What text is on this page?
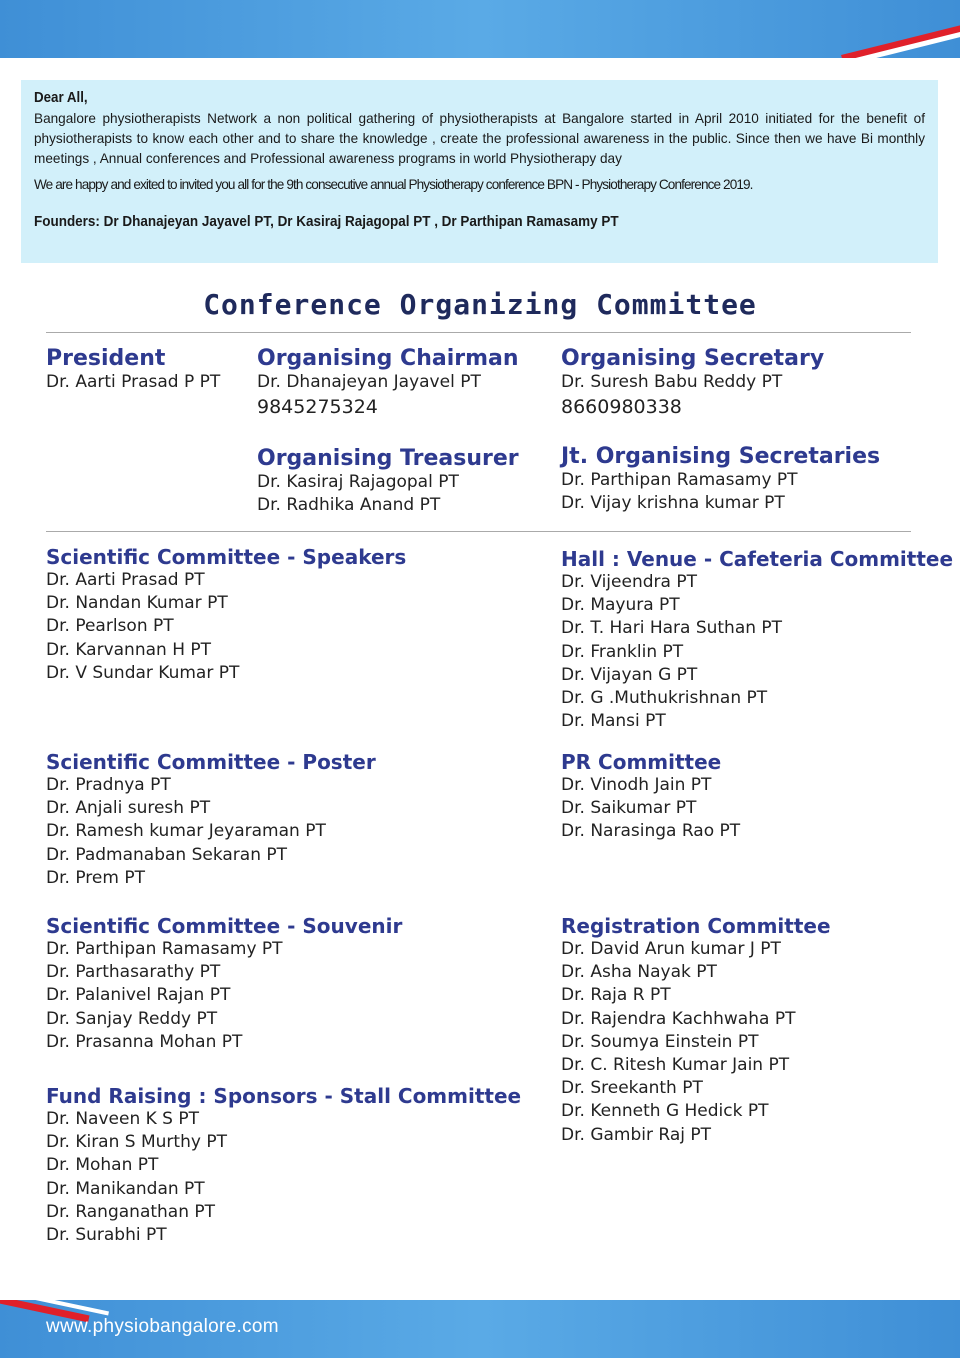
Dear All,

Bangalore physiotherapists Network a non political gathering of physiotherapists at Bangalore started in April 2010 initiated for the benefit of physiotherapists to know each other and to share the knowledge , create the professional awareness in the public. Since then we have Bi monthly meetings , Annual conferences and Professional awareness programs in world Physiotherapy day

We are happy and exited to invited you all for the 9th consecutive annual Physiotherapy conference BPN - Physiotherapy Conference 2019.

Founders: Dr Dhanajeyan Jayavel PT, Dr Kasiraj Rajagopal PT , Dr Parthipan Ramasamy PT

Conference Organizing Committee

President

Dr. Aarti Prasad P PT

Organising Chairman

Dr. Dhanajeyan Jayavel PT

9845275324

Organising Secretary

Dr. Suresh Babu Reddy PT

8660980338

Organising Treasurer

Dr. Kasiraj Rajagopal PT

Dr. Radhika Anand PT

Jt. Organising Secretaries

Dr. Parthipan Ramasamy PT

Dr. Vijay krishna kumar PT

Scientific Committee - Speakers

Dr. Aarti Prasad PT

Dr. Nandan Kumar PT

Dr. Pearlson PT

Dr. Karvannan H PT

Dr. V Sundar Kumar PT

Hall : Venue - Cafeteria Committee

Dr. Vijeendra PT

Dr. Mayura PT

Dr. T. Hari Hara Suthan PT

Dr. Franklin PT

Dr. Vijayan G PT

Dr. G .Muthukrishnan PT

Dr. Mansi PT

Scientific Committee - Poster

Dr. Pradnya PT

Dr. Anjali suresh PT

Dr. Ramesh kumar Jeyaraman PT

Dr. Padmanaban Sekaran PT

Dr. Prem PT

PR Committee

Dr. Vinodh Jain PT

Dr. Saikumar PT

Dr. Narasinga Rao PT

Scientific Committee - Souvenir

Dr. Parthipan Ramasamy PT

Dr. Parthasarathy PT

Dr. Palanivel Rajan PT

Dr. Sanjay Reddy PT

Dr. Prasanna Mohan PT

Registration Committee

Dr. David Arun kumar J PT

Dr. Asha Nayak PT

Dr. Raja R PT

Dr. Rajendra Kachhwaha PT

Dr. Soumya Einstein PT

Dr. C. Ritesh Kumar Jain PT

Dr. Sreekanth PT

Dr. Kenneth G Hedick PT

Dr. Gambir Raj PT

Fund Raising : Sponsors - Stall Committee

Dr. Naveen K S PT

Dr. Kiran S Murthy PT

Dr. Mohan PT

Dr. Manikandan PT

Dr. Ranganathan PT

Dr. Surabhi PT

www.physiobangalore.com
